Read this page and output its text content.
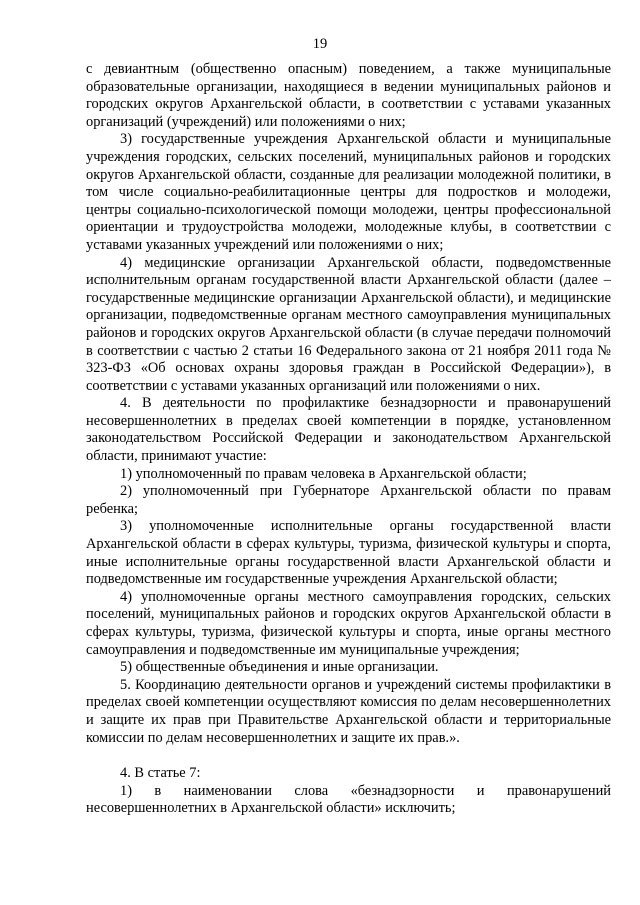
19

с девиантным (общественно опасным) поведением, а также муниципальные образовательные организации, находящиеся в ведении муниципальных районов и городских округов Архангельской области, в соответствии с уставами указанных организаций (учреждений) или положениями о них;

3) государственные учреждения Архангельской области и муниципальные учреждения городских, сельских поселений, муниципальных районов и городских округов Архангельской области, созданные для реализации молодежной политики, в том числе социально-реабилитационные центры для подростков и молодежи, центры социально-психологической помощи молодежи, центры профессиональной ориентации и трудоустройства молодежи, молодежные клубы, в соответствии с уставами указанных учреждений или положениями о них;

4) медицинские организации Архангельской области, подведомственные исполнительным органам государственной власти Архангельской области (далее – государственные медицинские организации Архангельской области), и медицинские организации, подведомственные органам местного самоуправления муниципальных районов и городских округов Архангельской области (в случае передачи полномочий в соответствии с частью 2 статьи 16 Федерального закона от 21 ноября 2011 года № 323-ФЗ «Об основах охраны здоровья граждан в Российской Федерации»), в соответствии с уставами указанных организаций или положениями о них.

4. В деятельности по профилактике безнадзорности и правонарушений несовершеннолетних в пределах своей компетенции в порядке, установленном законодательством Российской Федерации и законодательством Архангельской области, принимают участие:

1) уполномоченный по правам человека в Архангельской области;

2) уполномоченный при Губернаторе Архангельской области по правам ребенка;

3) уполномоченные исполнительные органы государственной власти Архангельской области в сферах культуры, туризма, физической культуры и спорта, иные исполнительные органы государственной власти Архангельской области и подведомственные им государственные учреждения Архангельской области;

4) уполномоченные органы местного самоуправления городских, сельских поселений, муниципальных районов и городских округов Архангельской области в сферах культуры, туризма, физической культуры и спорта, иные органы местного самоуправления и подведомственные им муниципальные учреждения;

5) общественные объединения и иные организации.

5. Координацию деятельности органов и учреждений системы профилактики в пределах своей компетенции осуществляют комиссия по делам несовершеннолетних и защите их прав при Правительстве Архангельской области и территориальные комиссии по делам несовершеннолетних и защите их прав.».

4. В статье 7:

1) в наименовании слова «безнадзорности и правонарушений несовершеннолетних в Архангельской области» исключить;
